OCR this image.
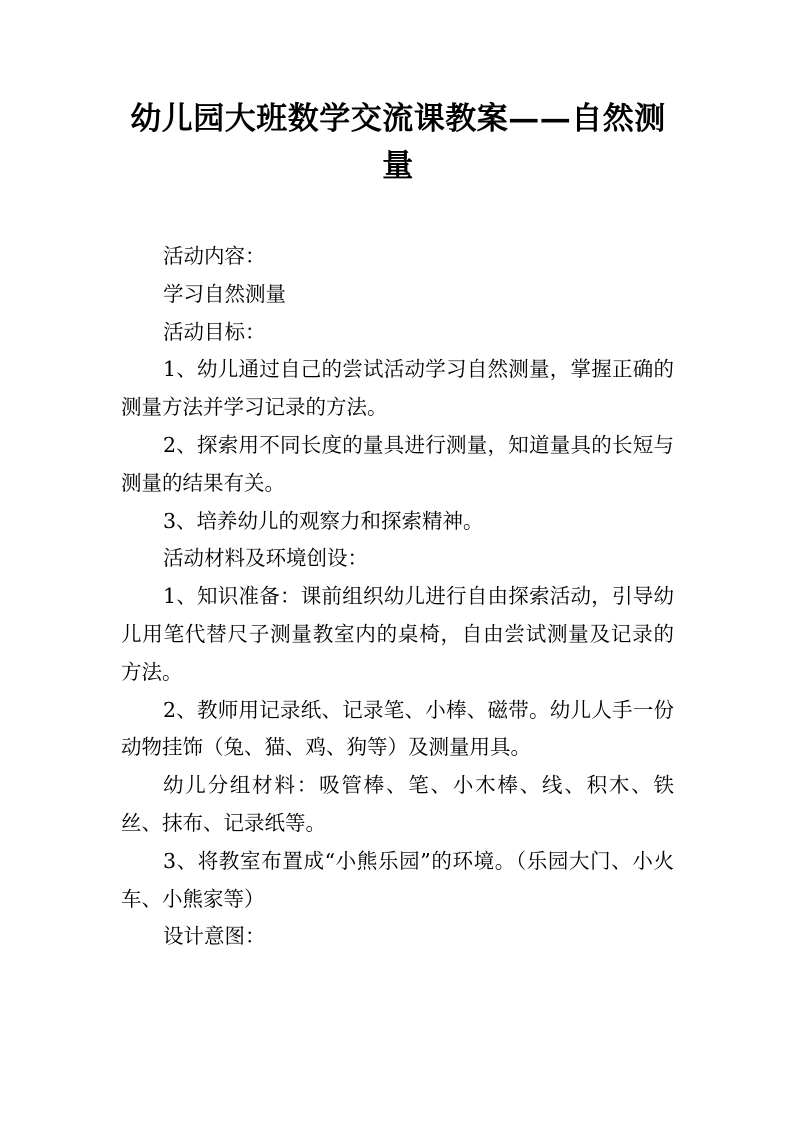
幼儿园大班数学交流课教案——自然测量

活动内容：

学习自然测量

活动目标：

1、幼儿通过自己的尝试活动学习自然测量，掌握正确的测量方法并学习记录的方法。

2、探索用不同长度的量具进行测量，知道量具的长短与测量的结果有关。

3、培养幼儿的观察力和探索精神。

活动材料及环境创设：

1、知识准备：课前组织幼儿进行自由探索活动，引导幼儿用笔代替尺子测量教室内的桌椅，自由尝试测量及记录的方法。

2、教师用记录纸、记录笔、小棒、磁带。幼儿人手一份动物挂饰（兔、猫、鸡、狗等）及测量用具。

幼儿分组材料：吸管棒、笔、小木棒、线、积木、铁丝、抹布、记录纸等。

3、将教室布置成“小熊乐园”的环境。（乐园大门、小火车、小熊家等）

设计意图：
